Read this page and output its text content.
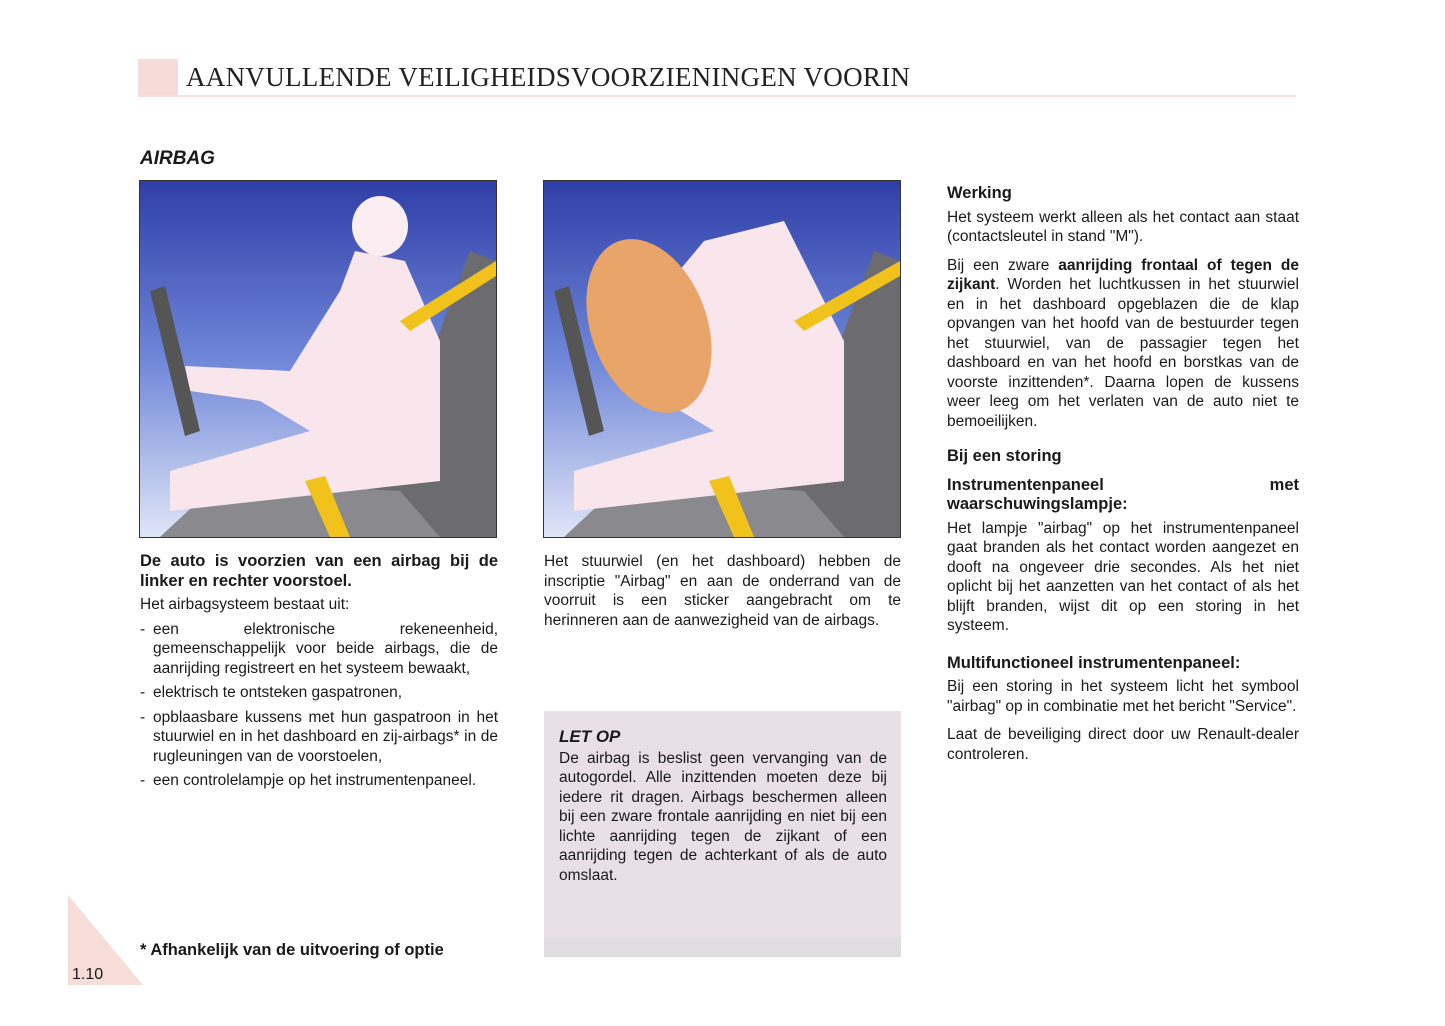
AANVULLENDE VEILIGHEIDSVOORZIENINGEN VOORIN
AIRBAG

De auto is voorzien van een airbag bij de linker en rechter voorstoel.

Het airbagsysteem bestaat uit:

- een elektronische rekeneenheid, gemeenschappelijk voor beide airbags, die de aanrijding registreert en het systeem bewaakt,
- elektrisch te ontsteken gaspatronen,
- opblaasbare kussens met hun gaspatroon in het stuurwiel en in het dashboard en zij-airbags* in de rugleuningen van de voorstoelen,
- een controlelampje op het instrumentenpaneel.

Het stuurwiel (en het dashboard) hebben de inscriptie "Airbag" en aan de onderrand van de voorruit is een sticker aangebracht om te herinneren aan de aanwezigheid van de airbags.

LET OP
De airbag is beslist geen vervanging van de autogordel. Alle inzittenden moeten deze bij iedere rit dragen. Airbags beschermen alleen bij een zware frontale aanrijding en niet bij een lichte aanrijding tegen de zijkant of een aanrijding tegen de achterkant of als de auto omslaat.
Werking

Het systeem werkt alleen als het contact aan staat (contactsleutel in stand "M").

Bij een zware aanrijding frontaal of tegen de zijkant. Worden het luchtkussen in het stuurwiel en in het dashboard opgeblazen die de klap opvangen van het hoofd van de bestuurder tegen het stuurwiel, van de passagier tegen het dashboard en van het hoofd en borstkas van de voorste inzittenden*. Daarna lopen de kussens weer leeg om het verlaten van de auto niet te bemoeilijken.

Bij een storing
Instrumentenpaneel met waarschuwingslampje:

Het lampje "airbag" op het instrumentenpaneel gaat branden als het contact worden aangezet en dooft na ongeveer drie secondes. Als het niet oplicht bij het aanzetten van het contact of als het blijft branden, wijst dit op een storing in het systeem.

Multifunctioneel instrumentenpaneel:

Bij een storing in het systeem licht het symbool "airbag" op in combinatie met het bericht "Service".

Laat de beveiliging direct door uw Renault-dealer controleren.

1.10
* Afhankelijk van de uitvoering of optie
